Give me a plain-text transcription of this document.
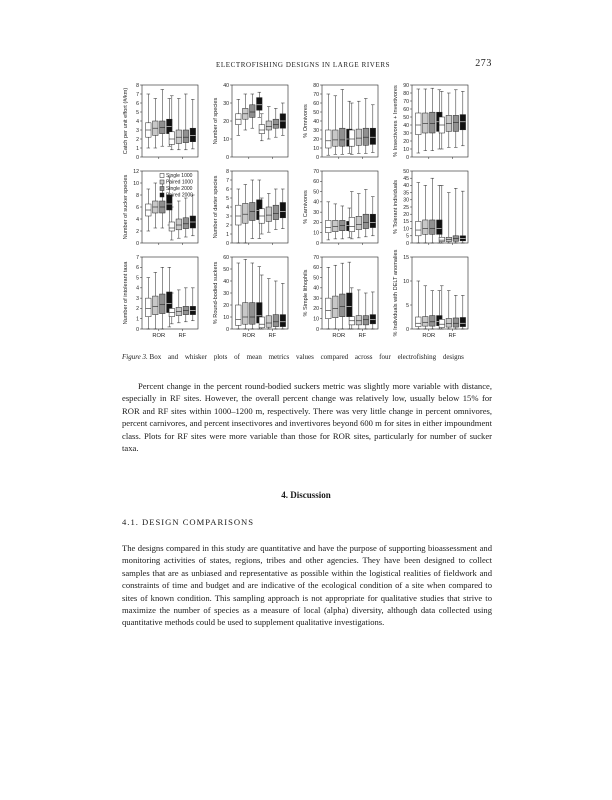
ELECTROFISHING DESIGNS IN LARGE RIVERS	273
0
1
2
3
4
5
6
7
8
Catch per unit effort (#/km)
0
10
20
30
40
Number of species
0
10
20
30
40
50
60
70
80
% Omnivores
0
10
20
30
40
50
60
70
80
90
% Insectivores + Invertivores
0
2
4
6
8
10
12
Number of sucker species	Single 1000
Paired 1000
Single 2000
Paired 2000
0
1
2
3
4
5
6
7
8
Number of darter species
0
10
20
30
40
50
60
70
% Carnivores
0
5
10
15
20
25
30
35
40
45
50
% Tolerant individuals
0
1
2
3
4
5
6
7
Number of intolerant taxa
ROR RF
0
10
20
30
40
50
60
% Round-bodied suckers
ROR RF
0
10
20
30
40
50
60
70
% Simple lithophils
ROR RF
0
5
10
15
% Individuals with DELT anomalies	ROR RF
Figure 3. Box and whisker plots of mean metrics values compared across four electrofishing designs

Percent change in the percent round-bodied suckers metric was slightly more variable with distance, especially in RF sites. However, the overall percent change was relatively low, usually below 15% for ROR and RF sites within 1000–1200 m, respectively. There was very little change in percent omnivores, percent carnivores, and percent insectivores and invertivores beyond 600 m for sites in either impoundment class. Plots for RF sites were more variable than those for ROR sites, particularly for number of sucker taxa.

4. Discussion
4.1. DESIGN COMPARISONS

The designs compared in this study are quantitative and have the purpose of supporting bioassessment and monitoring activities of states, regions, tribes and other agencies. They have been designed to collect samples that are as unbiased and representative as possible within the logistical realities of fieldwork and constraints of time and budget and are indicative of the ecological condition of a site when compared to sites of known condition. This sampling approach is not appropriate for qualitative studies that strive to maximize the number of species as a measure of local (alpha) diversity, although data collected using quantitative methods could be used to supplement qualitative investigations.
